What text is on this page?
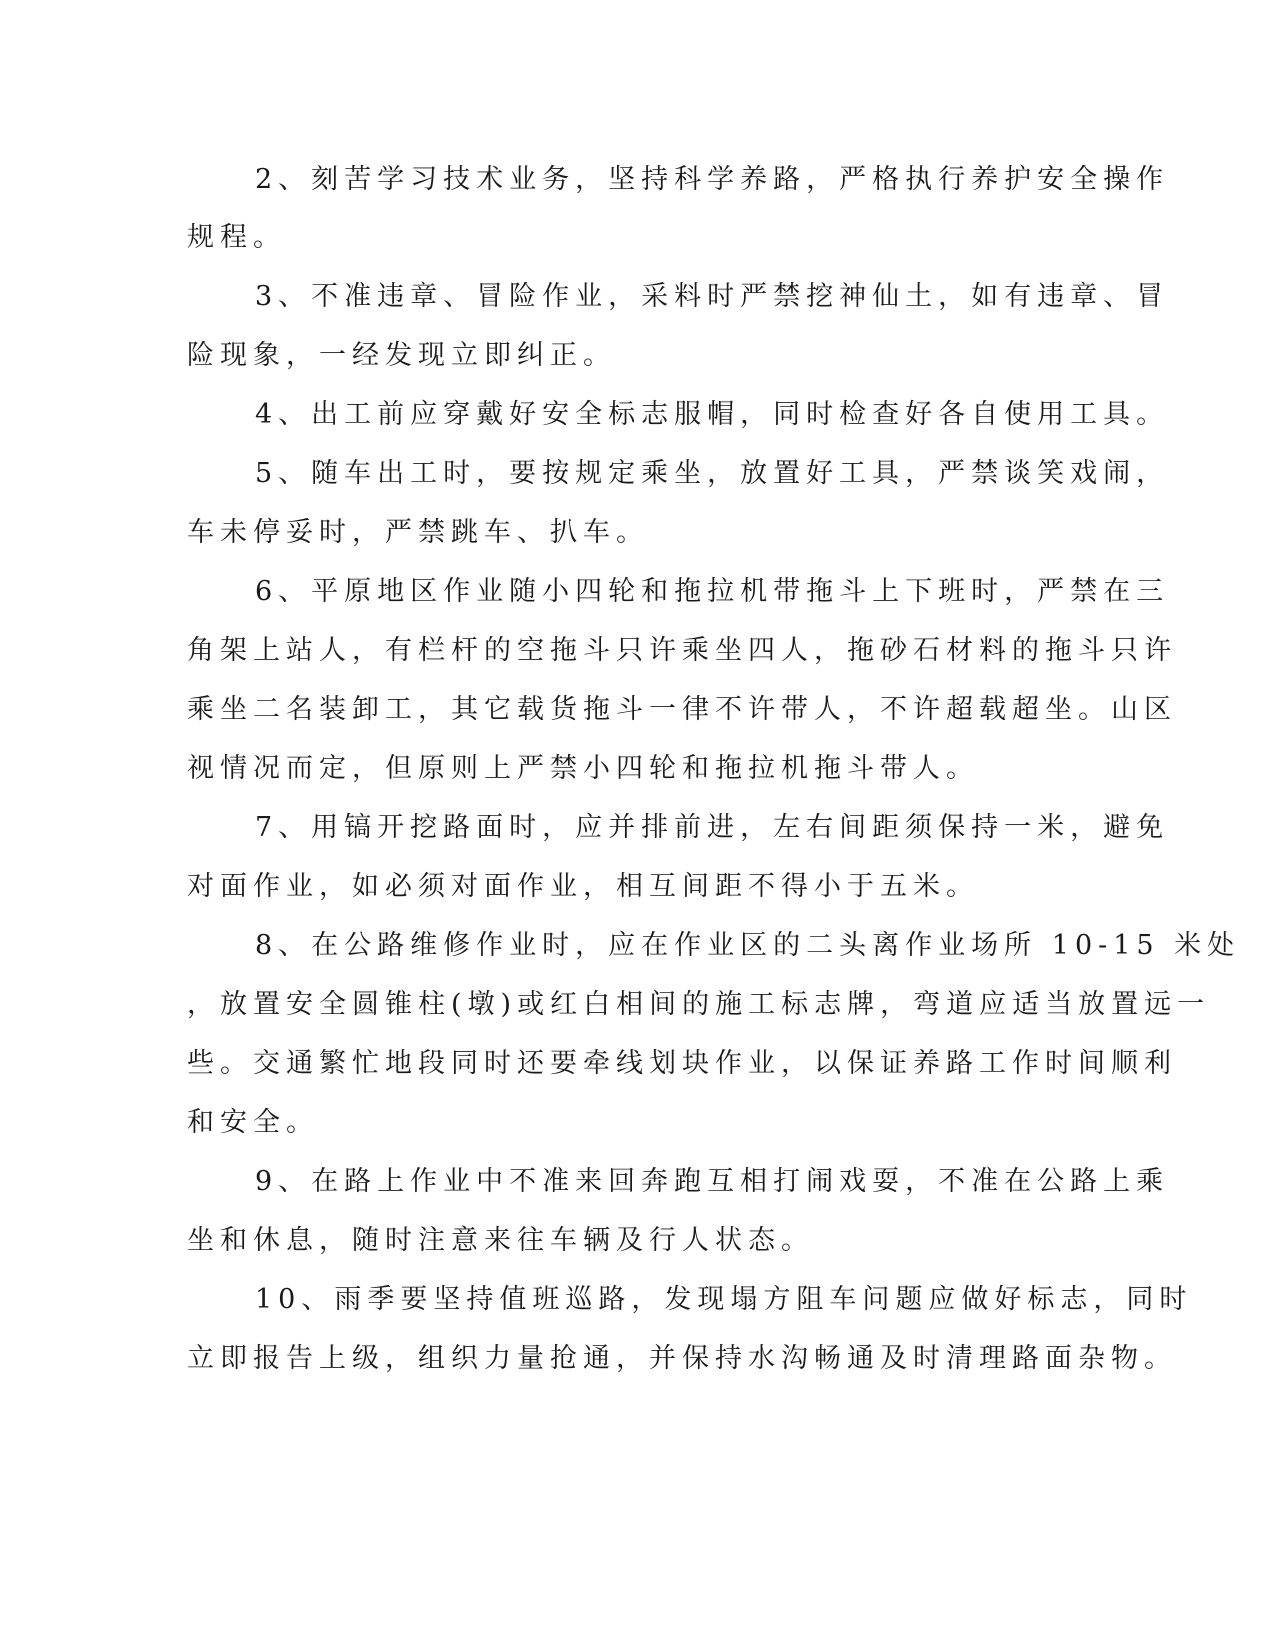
2、刻苦学习技术业务，坚持科学养路，严格执行养护安全操作
规程。
3、不准违章、冒险作业，采料时严禁挖神仙土，如有违章、冒
险现象，一经发现立即纠正。
4、出工前应穿戴好安全标志服帽，同时检查好各自使用工具。
5、随车出工时，要按规定乘坐，放置好工具，严禁谈笑戏闹，
车未停妥时，严禁跳车、扒车。
6、平原地区作业随小四轮和拖拉机带拖斗上下班时，严禁在三
角架上站人，有栏杆的空拖斗只许乘坐四人，拖砂石材料的拖斗只许
乘坐二名装卸工，其它载货拖斗一律不许带人，不许超载超坐。山区
视情况而定，但原则上严禁小四轮和拖拉机拖斗带人。
7、用镐开挖路面时，应并排前进，左右间距须保持一米，避免
对面作业，如必须对面作业，相互间距不得小于五米。
8、在公路维修作业时，应在作业区的二头离作业场所 10-15 米处
，放置安全圆锥柱(墩)或红白相间的施工标志牌，弯道应适当放置远一
些。交通繁忙地段同时还要牵线划块作业，以保证养路工作时间顺利
和安全。
9、在路上作业中不准来回奔跑互相打闹戏耍，不准在公路上乘
坐和休息，随时注意来往车辆及行人状态。
10、雨季要坚持值班巡路，发现塌方阻车问题应做好标志，同时
立即报告上级，组织力量抢通，并保持水沟畅通及时清理路面杂物。
